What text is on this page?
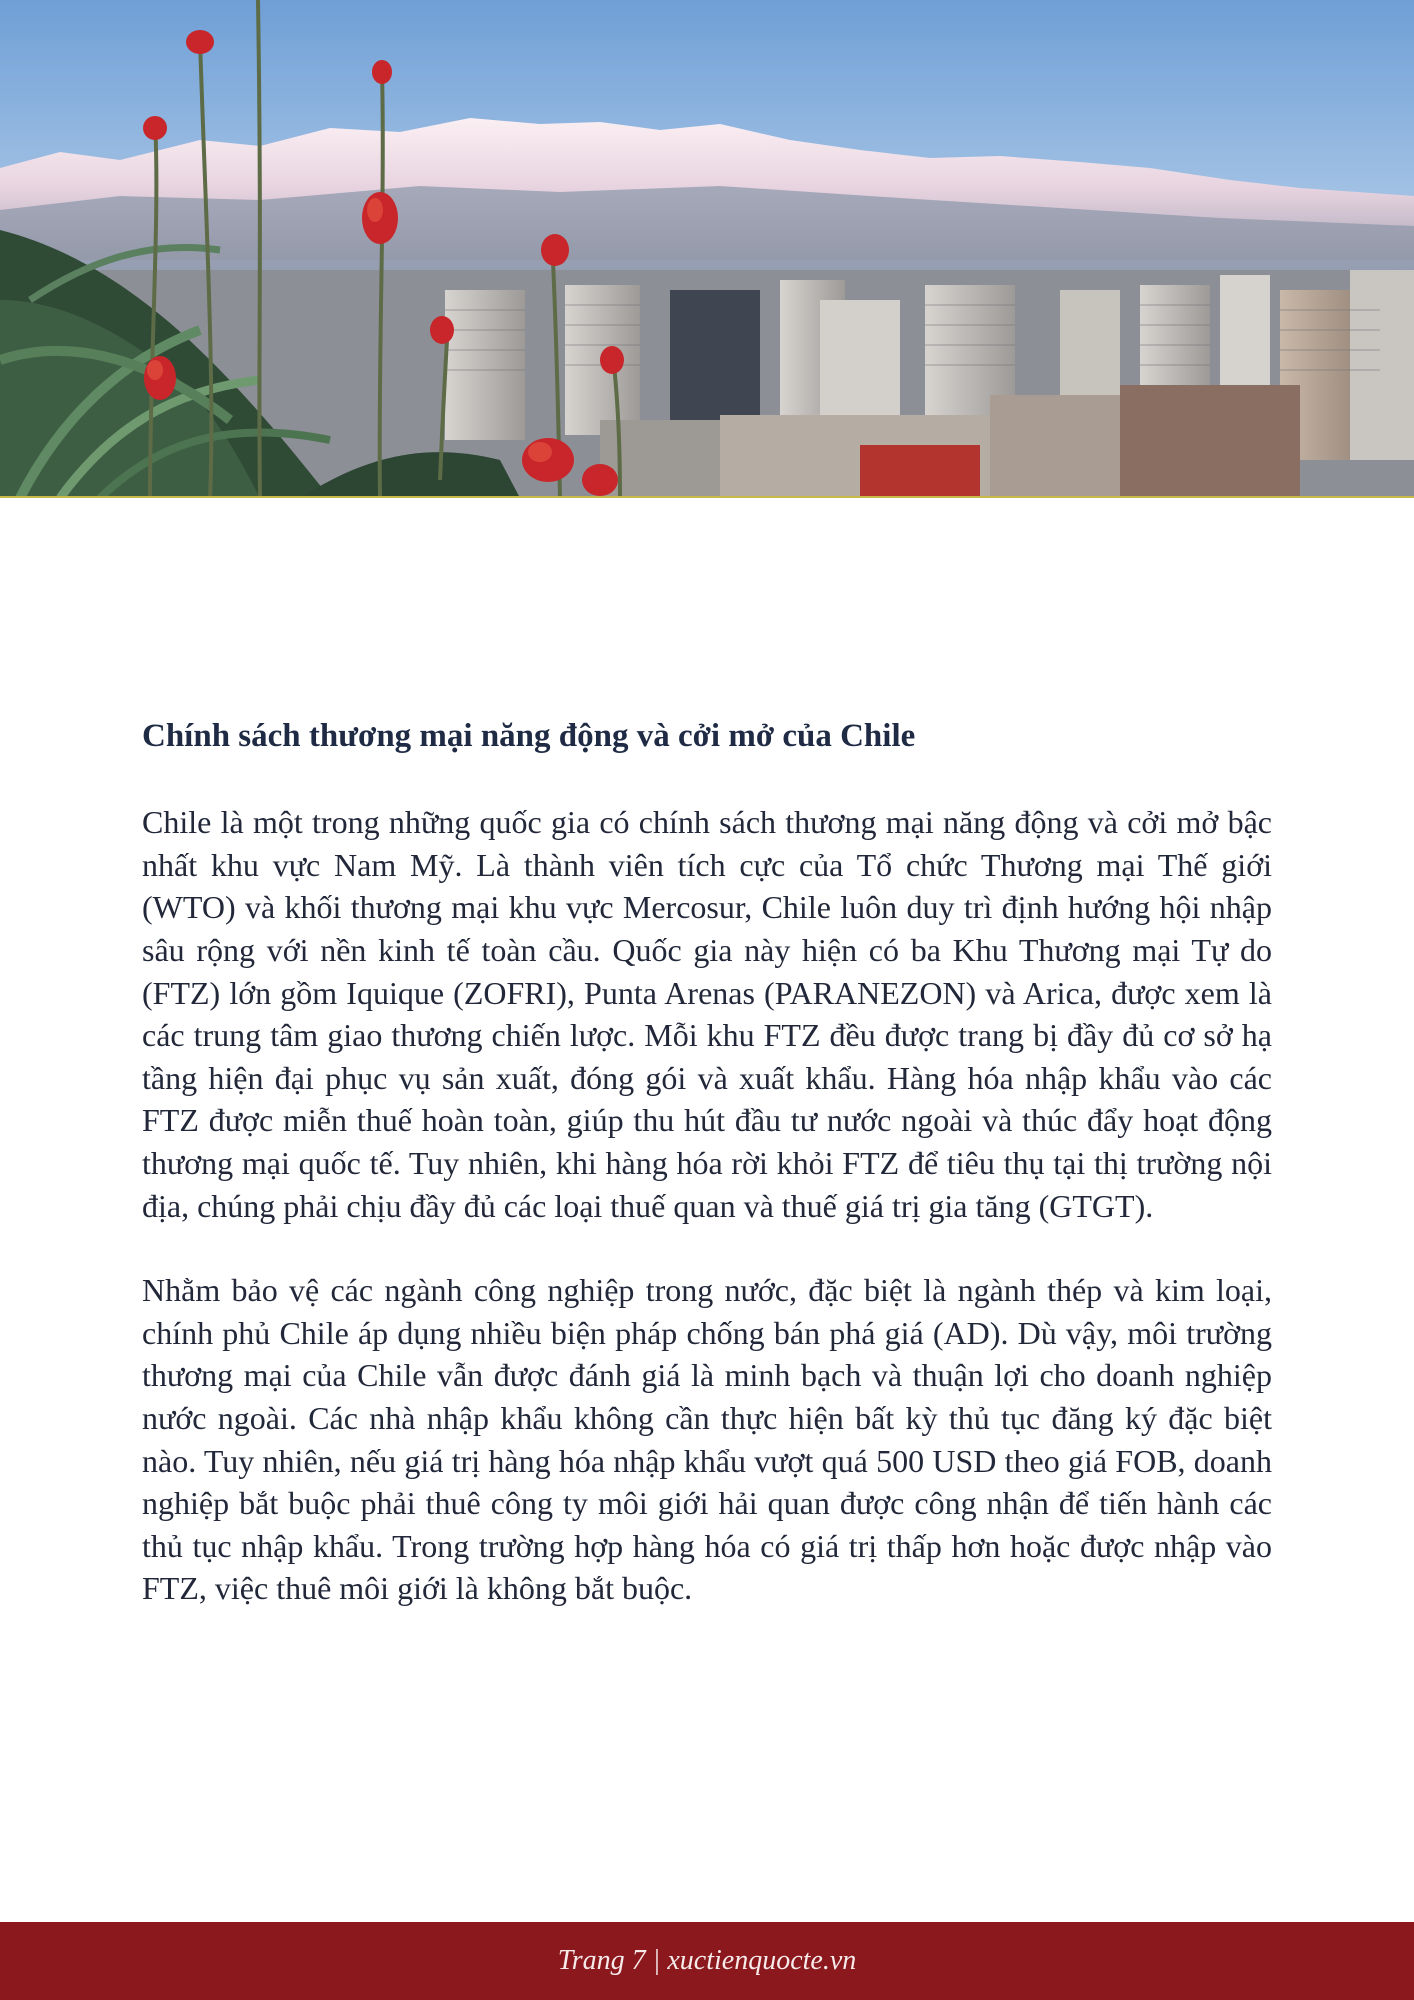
Chính sách thương mại năng động và cởi mở của Chile

Chile là một trong những quốc gia có chính sách thương mại năng động và cởi mở bậc nhất khu vực Nam Mỹ. Là thành viên tích cực của Tổ chức Thương mại Thế giới (WTO) và khối thương mại khu vực Mercosur, Chile luôn duy trì định hướng hội nhập sâu rộng với nền kinh tế toàn cầu. Quốc gia này hiện có ba Khu Thương mại Tự do (FTZ) lớn gồm Iquique (ZOFRI), Punta Arenas (PARANEZON) và Arica, được xem là các trung tâm giao thương chiến lược. Mỗi khu FTZ đều được trang bị đầy đủ cơ sở hạ tầng hiện đại phục vụ sản xuất, đóng gói và xuất khẩu. Hàng hóa nhập khẩu vào các FTZ được miễn thuế hoàn toàn, giúp thu hút đầu tư nước ngoài và thúc đẩy hoạt động thương mại quốc tế. Tuy nhiên, khi hàng hóa rời khỏi FTZ để tiêu thụ tại thị trường nội địa, chúng phải chịu đầy đủ các loại thuế quan và thuế giá trị gia tăng (GTGT).

Nhằm bảo vệ các ngành công nghiệp trong nước, đặc biệt là ngành thép và kim loại, chính phủ Chile áp dụng nhiều biện pháp chống bán phá giá (AD). Dù vậy, môi trường thương mại của Chile vẫn được đánh giá là minh bạch và thuận lợi cho doanh nghiệp nước ngoài. Các nhà nhập khẩu không cần thực hiện bất kỳ thủ tục đăng ký đặc biệt nào. Tuy nhiên, nếu giá trị hàng hóa nhập khẩu vượt quá 500 USD theo giá FOB, doanh nghiệp bắt buộc phải thuê công ty môi giới hải quan được công nhận để tiến hành các thủ tục nhập khẩu. Trong trường hợp hàng hóa có giá trị thấp hơn hoặc được nhập vào FTZ, việc thuê môi giới là không bắt buộc.

Trang 7 | xuctienquocte.vn
